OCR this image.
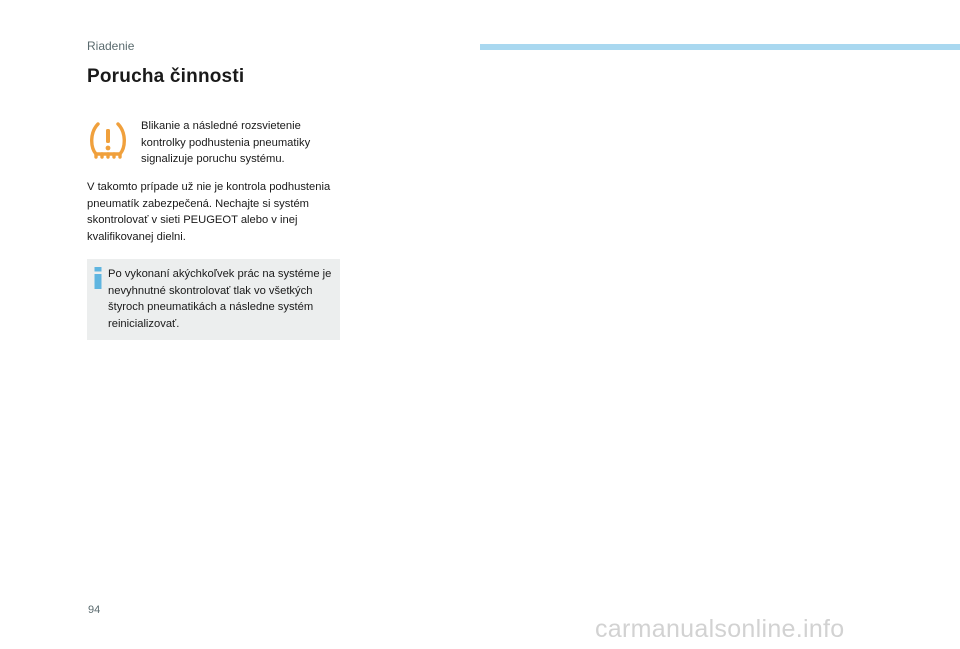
Riadenie
Porucha činnosti
Blikanie a následné rozsvietenie kontrolky podhustenia pneumatiky signalizuje poruchu systému.
V takomto prípade už nie je kontrola podhustenia pneumatík zabezpečená. Nechajte si systém skontrolovať v sieti PEUGEOT alebo v inej kvalifikovanej dielni.
Po vykonaní akýchkoľvek prác na systéme je nevyhnutné skontrolovať tlak vo všetkých štyroch pneumatikách a následne systém reinicializovať.
94
carmanualsonline.info
